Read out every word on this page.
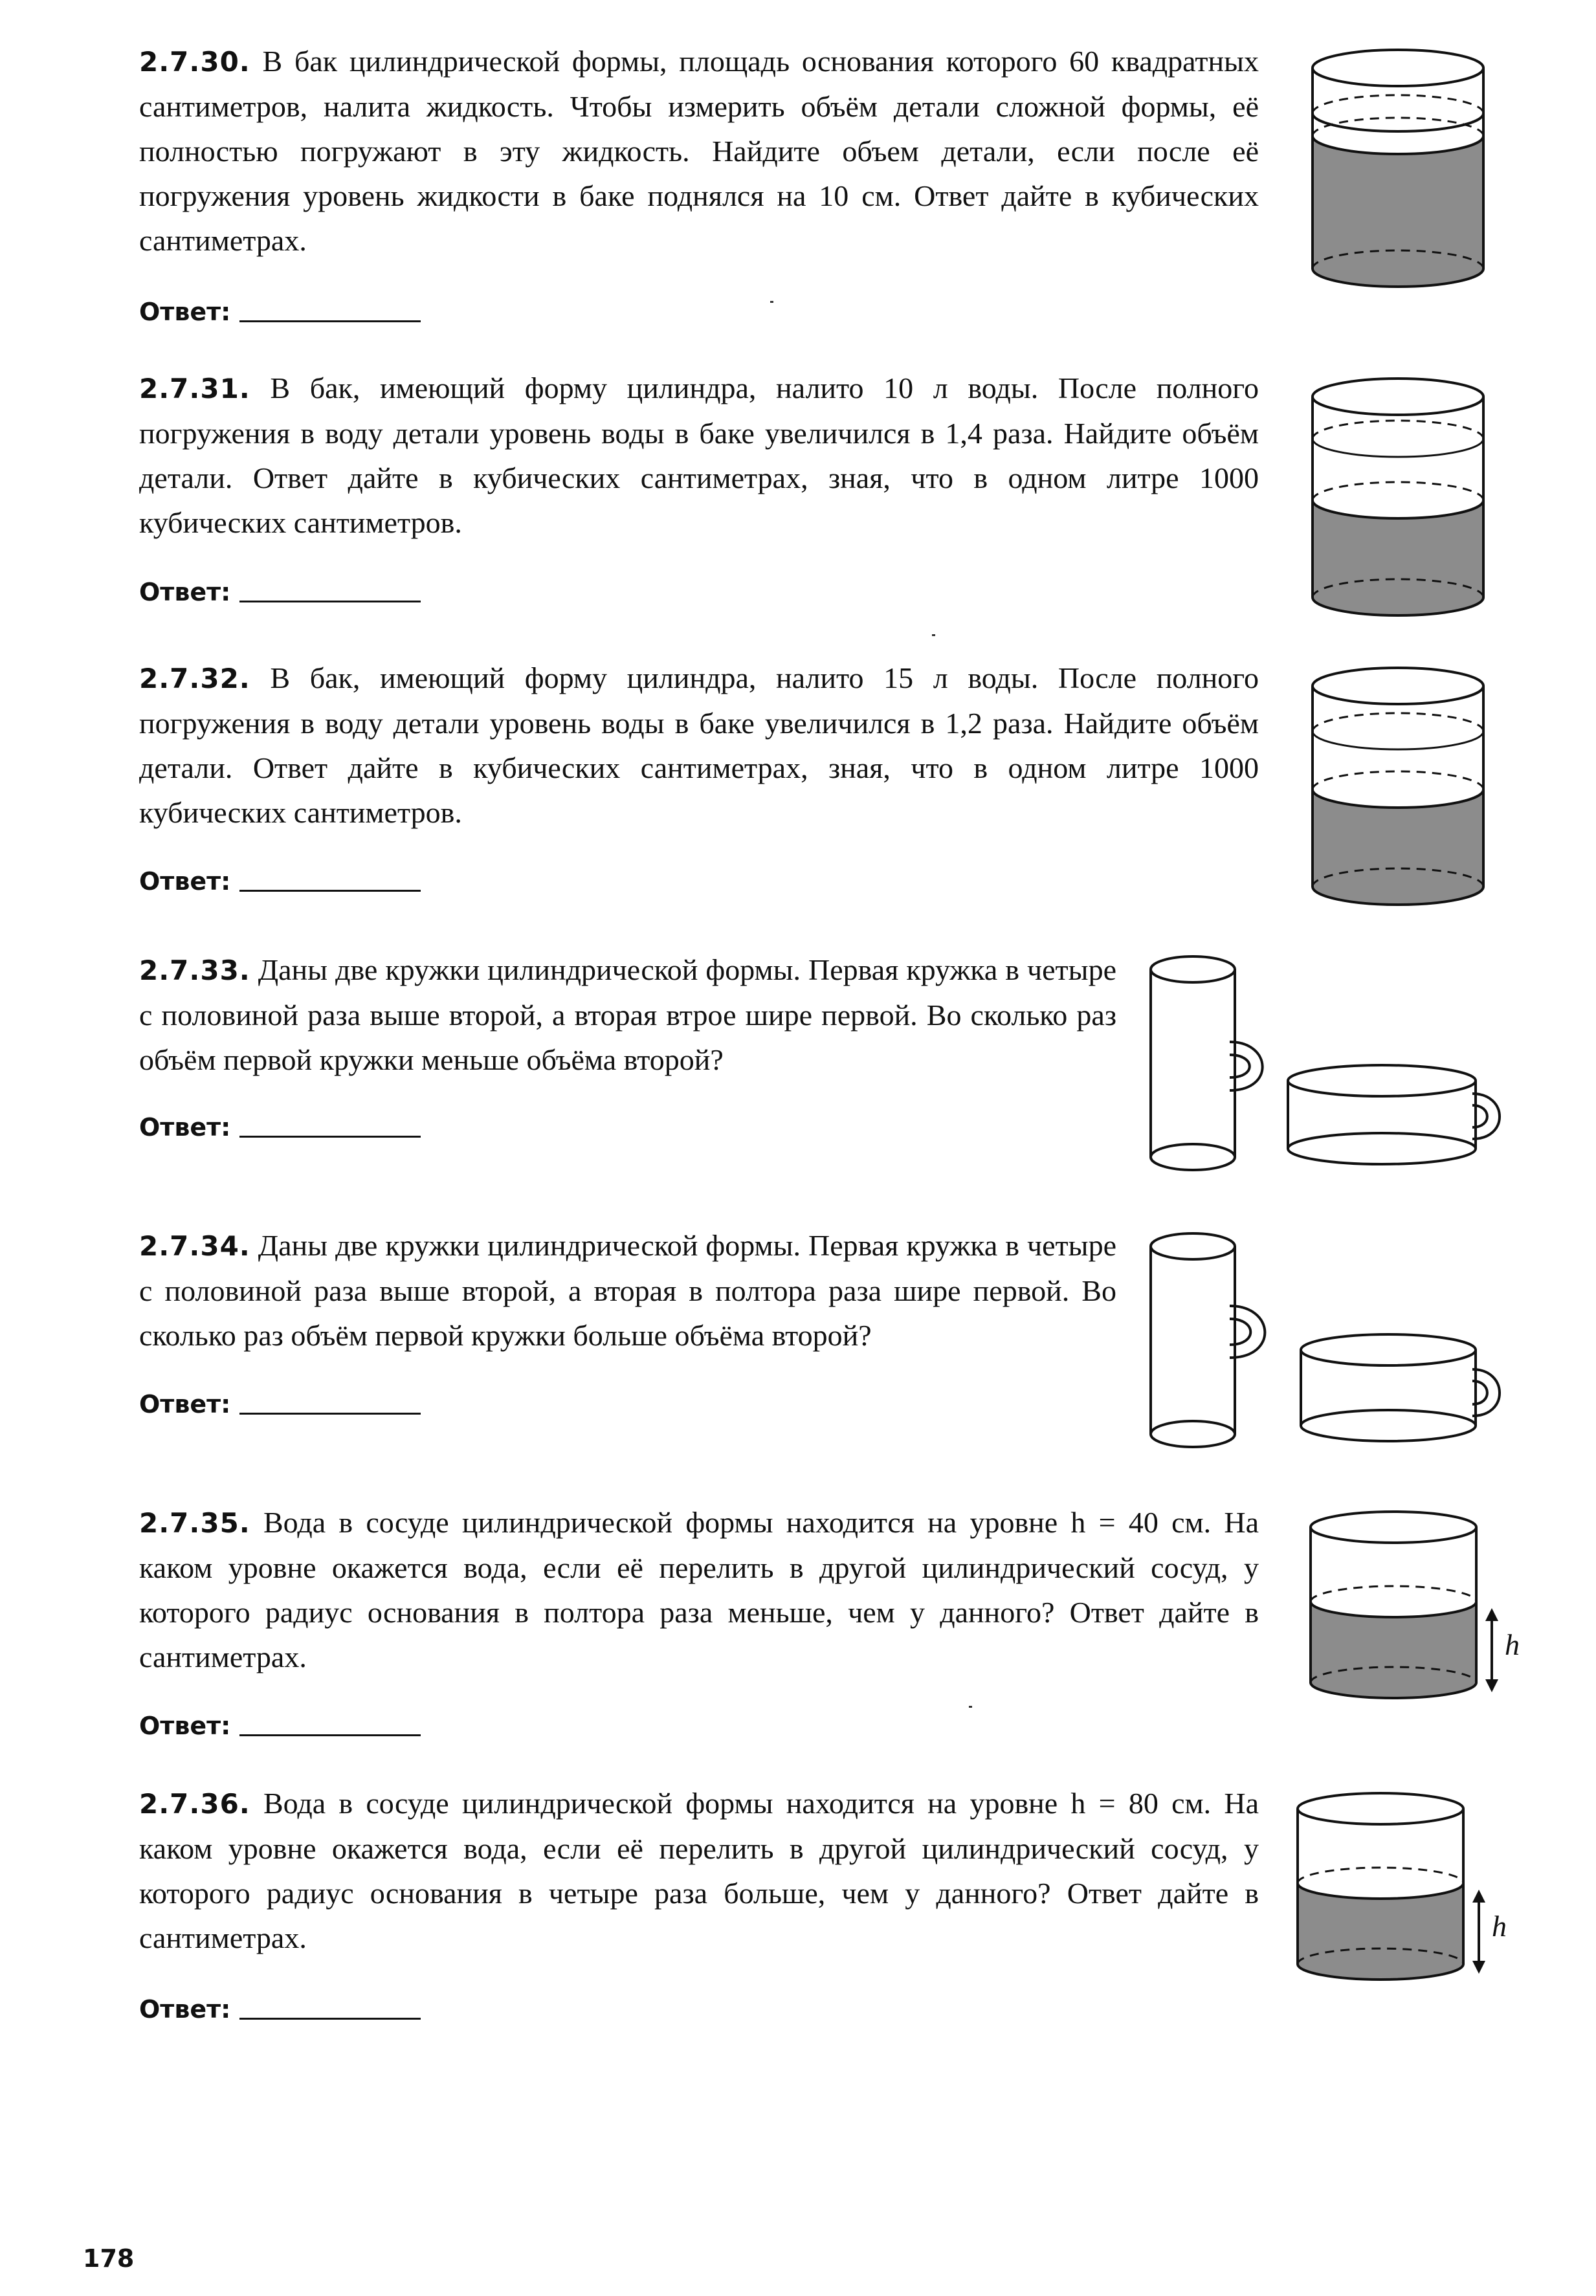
2.7.30. В бак цилиндрической формы, площадь основания которого 60 квадратных сантиметров, налита жидкость. Чтобы измерить объём детали сложной формы, её полностью погружают в эту жидкость. Найдите объем детали, если после её погружения уровень жидкости в баке поднялся на 10 см. Ответ дайте в кубических сантиметрах.
Ответ:
2.7.31. В бак, имеющий форму цилиндра, налито 10 л воды. После полного погружения в воду детали уровень воды в баке увеличился в 1,4 раза. Найдите объём детали. Ответ дайте в кубических сантиметрах, зная, что в одном литре 1000 кубических сантиметров.
Ответ:
2.7.32. В бак, имеющий форму цилиндра, налито 15 л воды. После полного погружения в воду детали уровень воды в баке увеличился в 1,2 раза. Найдите объём детали. Ответ дайте в кубических сантиметрах, зная, что в одном литре 1000 кубических сантиметров.
Ответ:
2.7.33. Даны две кружки цилиндрической формы. Первая кружка в четыре с половиной раза выше второй, а вторая втрое шире первой. Во сколько раз объём первой кружки меньше объёма второй?
Ответ:
2.7.34. Даны две кружки цилиндрической формы. Первая кружка в четыре с половиной раза выше второй, а вторая в полтора раза шире первой. Во сколько раз объём первой кружки больше объёма второй?
Ответ:
2.7.35. Вода в сосуде цилиндрической формы находится на уровне h = 40 см. На каком уровне окажется вода, если её перелить в другой цилиндрический сосуд, у которого радиус основания в полтора раза меньше, чем у данного? Ответ дайте в сантиметрах.
Ответ:
h
2.7.36. Вода в сосуде цилиндрической формы находится на уровне h = 80 см. На каком уровне окажется вода, если её перелить в другой цилиндрический сосуд, у которого радиус основания в четыре раза больше, чем у данного? Ответ дайте в сантиметрах.
Ответ:
h
178
